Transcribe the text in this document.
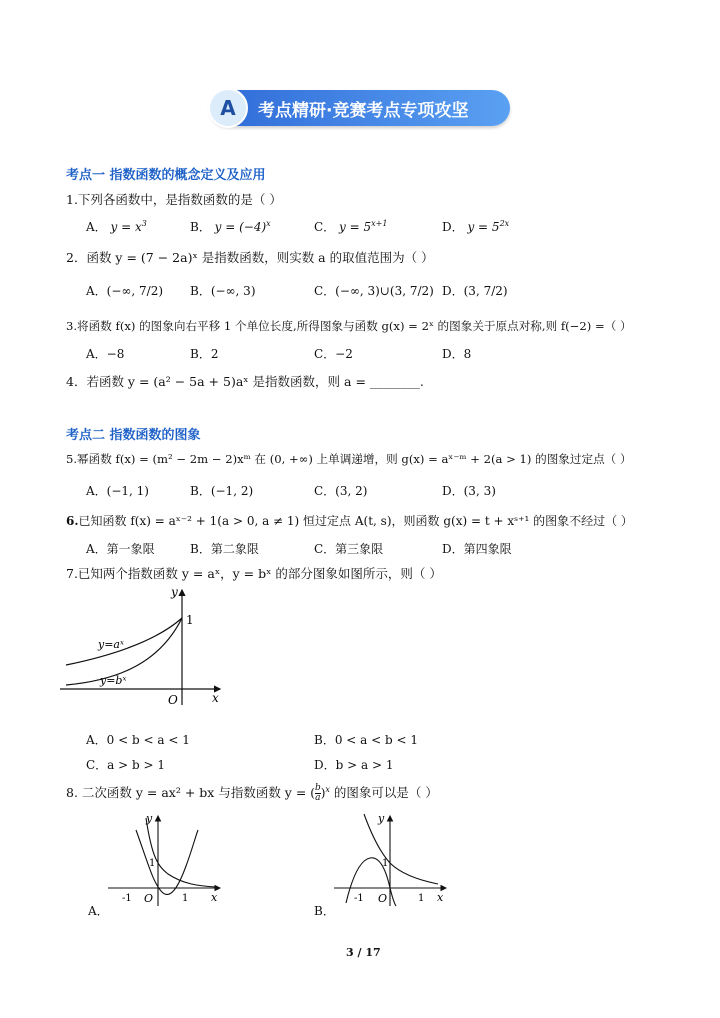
A	考点精研·竞赛考点专项攻坚
考点一 指数函数的概念定义及应用
1.下列各函数中，是指数函数的是（ ）
A． $y = x^3$	B． $y = (-4)^x$	C． $y = 5^{x+1}$	D． $y = 5^{2x}$
2．函数 y = (7 − 2a)ˣ 是指数函数，则实数 a 的取值范围为（ ）
A．(−∞, 7/2) B．(−∞, 3)	C．(−∞, 3)∪(3, 7/2) D．(3, 7/2)
3.将函数 f(x) 的图象向右平移 1 个单位长度,所得图象与函数 g(x) = 2ˣ 的图象关于原点对称,则 f(−2) =（ ）
A．−8	B．2	C．−2	D．8
4．若函数 y = (a² − 5a + 5)aˣ 是指数函数，则 a = ________.
考点二 指数函数的图象
5.幂函数 f(x) = (m² − 2m − 2)xᵐ 在 (0, +∞) 上单调递增，则 g(x) = aˣ⁻ᵐ + 2(a > 1) 的图象过定点（ ）
A．(−1, 1)	B．(−1, 2)	C．(3, 2)	D．(3, 3)
6.已知函数 f(x) = aˣ⁻² + 1(a > 0, a ≠ 1) 恒过定点 A(t, s)，则函数 g(x) = t + xˢ⁺¹ 的图象不经过（ ）
A．第一象限	B．第二象限	C．第三象限	D．第四象限
7.已知两个指数函数 y = aˣ，y = bˣ 的部分图象如图所示，则（ ）
y
x
O
1
y=aˣ
y=bˣ
A．0 < b < a < 1	B．0 < a < b < 1
C．a > b > 1	D．b > a > 1
8. 二次函数 y = ax² + bx 与指数函数 $y = (\frac{b}{a})^x$ 的图象可以是（ ）
y
x
O
1
-1	1
A．
y
x
O
1
-1	1
B．
3 / 17
